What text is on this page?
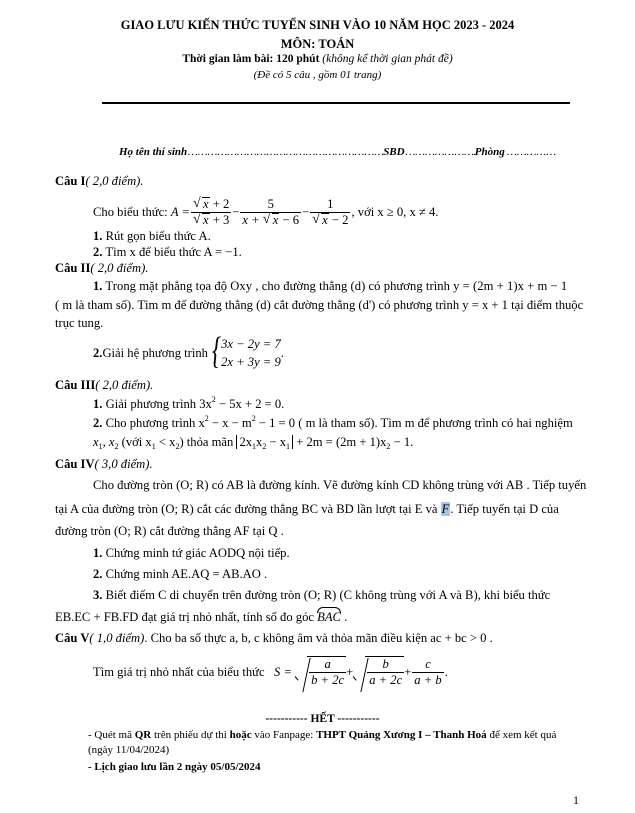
GIAO LƯU KIẾN THỨC TUYỂN SINH VÀO 10 NĂM HỌC 2023 - 2024
MÔN: TOÁN
Thời gian làm bài: 120 phút (không kể thời gian phát đề)
(Đề có 5 câu , gồm 01 trang)
Họ tên thí sinh……………………………………………………SBD………………….Phòng ……………
Câu I( 2,0 điểm).
Cho biểu thức:
A = √ x + 2
√ $x + 3 - \frac{5}{x + √ x - 6} - 1$
√ x − 2 , với x ≥ 0, x ≠ 4.
1. Rút gọn biểu thức A.
2. Tìm x để biểu thức A = −1.
Câu II( 2,0 điểm).
1. Trong mặt phẳng tọa độ Oxy , cho đường thẳng (d) có phương trình y = (2m + 1)x + m − 1
( m là tham số). Tìm m để đường thẳng (d) cắt đường thẳng (d') có phương trình y = x + 1 tại điểm thuộc
trục tung.
2. Giải hệ phương trình

{ 3x − 2y = 7
2x + 3y = 9
.
Câu III( 2,0 điểm).
1. Giải phương trình $3x^2 - 5x + 2 = 0$.
2. Cho phương trình $x^2 - x - m^2 - 1 = 0$ ( m là tham số). Tìm m để phương trình có hai nghiệm
$x_1$, $x_2$ (với $x_1 < x_2$) thỏa mãn $2x_1x_2 - x_1 + 2m = (2m + 1)x_2 - 1$.
Câu IV( 3,0 điểm).
Cho đường tròn (O; R) có AB là đường kính. Vẽ đường kính CD không trùng với AB . Tiếp tuyến
tại A của đường tròn (O; R) cắt các đường thẳng BC và BD lần lượt tại E và F. Tiếp tuyến tại D của
đường tròn (O; R) cắt đường thẳng AF tại Q .
1. Chứng minh tứ giác AODQ nội tiếp.
2. Chứng minh AE.AQ = AB.AO .
3. Biết điểm C di chuyển trên đường tròn (O; R) (C không trùng với A và B), khi biểu thức
EB.EC + FB.FD đạt giá trị nhỏ nhất, tính số đo góc BAC .
Câu V( 1,0 điểm). Cho ba số thực a, b, c không âm và thỏa mãn điều kiện ac + bc > 0 .
Tìm giá trị nhỏ nhất của biểu thức
S =
$\frac{a}{b + 2c} + \frac{b}{a + 2c} + \frac{c}{a + b}$ .
----------- HẾT -----------
- Quét mã QR trên phiếu dự thi hoặc vào Fanpage: THPT Quảng Xương I – Thanh Hoá để xem kết quả
(ngày 11/04/2024)
- Lịch giao lưu lần 2 ngày 05/05/2024
1
